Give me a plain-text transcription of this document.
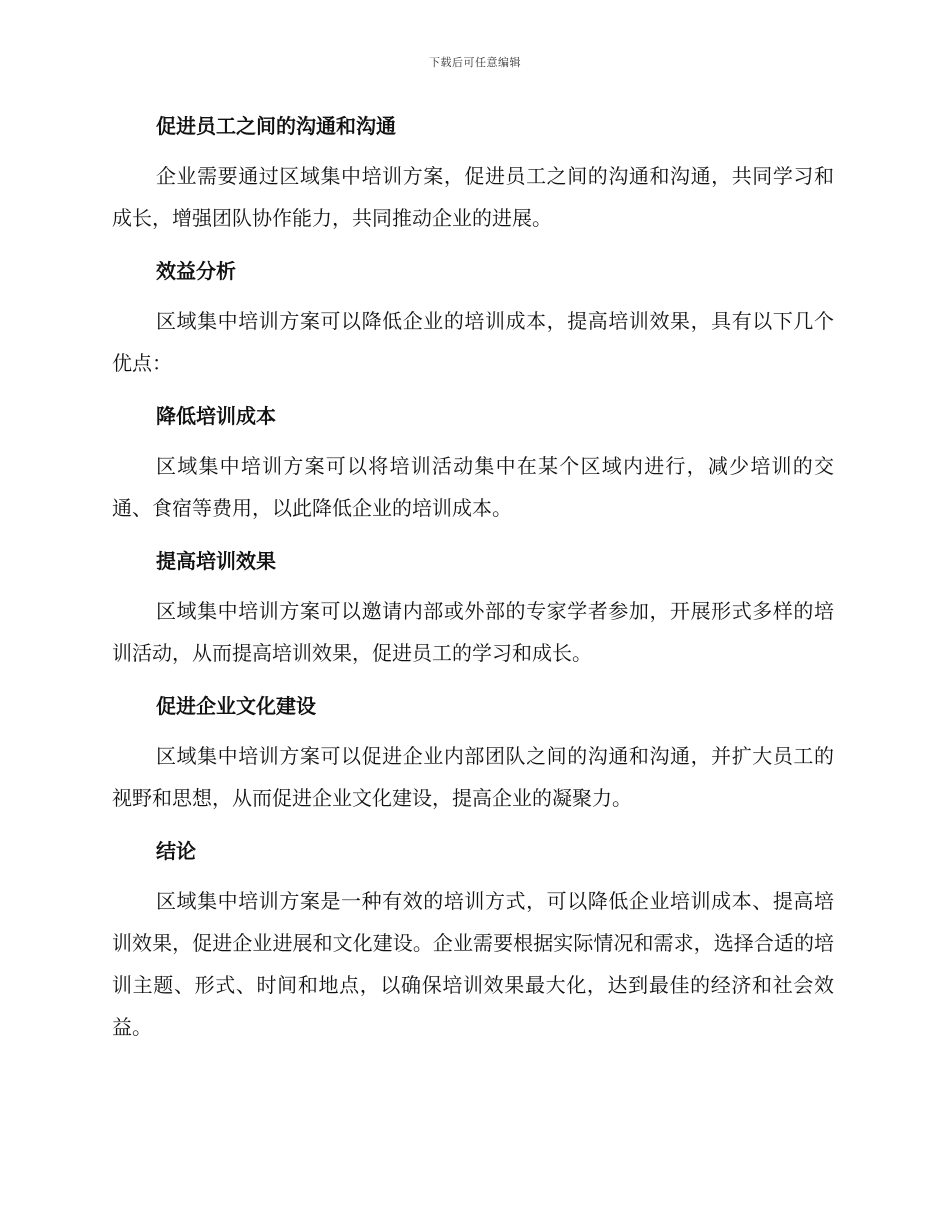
下载后可任意编辑
促进员工之间的沟通和沟通

企业需要通过区域集中培训方案，促进员工之间的沟通和沟通，共同学习和成长，增强团队协作能力，共同推动企业的进展。

效益分析

区域集中培训方案可以降低企业的培训成本，提高培训效果，具有以下几个优点：

降低培训成本

区域集中培训方案可以将培训活动集中在某个区域内进行，减少培训的交通、食宿等费用，以此降低企业的培训成本。

提高培训效果

区域集中培训方案可以邀请内部或外部的专家学者参加，开展形式多样的培训活动，从而提高培训效果，促进员工的学习和成长。

促进企业文化建设

区域集中培训方案可以促进企业内部团队之间的沟通和沟通，并扩大员工的视野和思想，从而促进企业文化建设，提高企业的凝聚力。

结论

区域集中培训方案是一种有效的培训方式，可以降低企业培训成本、提高培训效果，促进企业进展和文化建设。企业需要根据实际情况和需求，选择合适的培训主题、形式、时间和地点，以确保培训效果最大化，达到最佳的经济和社会效益。
